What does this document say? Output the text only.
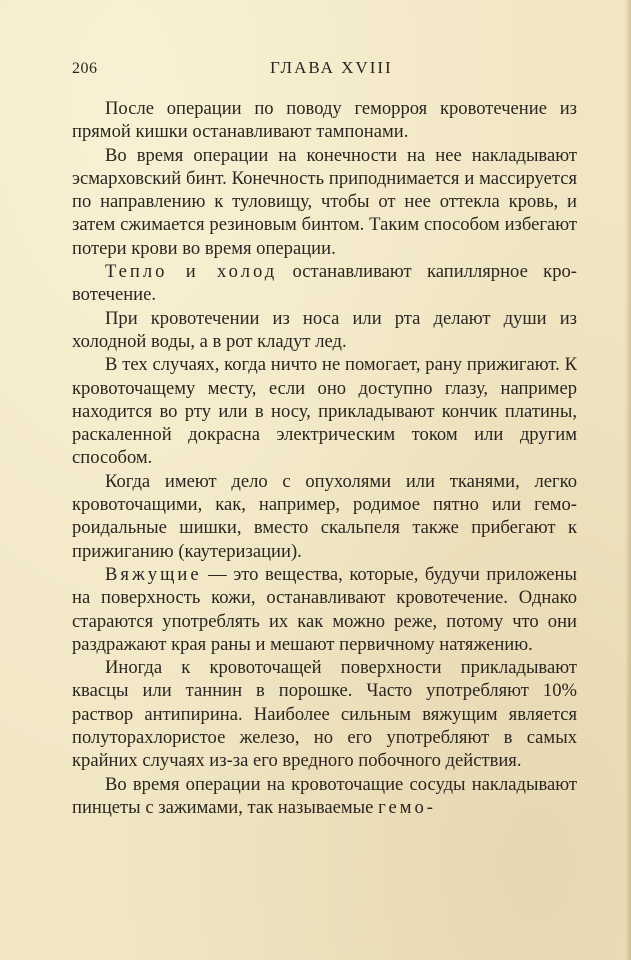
206	ГЛАВА XVIII

После операции по поводу геморроя кровотечение из прямой кишки останавливают тампонами.

Во время операции на конечности на нее накладывают эсмарховский бинт. Конечность приподнимается и массируется по направлению к туловищу, чтобы от нее оттекла кровь, и затем сжимается резиновым бинтом. Таким способом избегают потери крови во время операции.

Тепло и холод останавливают капиллярное кровотечение.

При кровотечении из носа или рта делают души из холодной воды, а в рот кладут лед.

В тех случаях, когда ничто не помогает, рану прижигают. К кровоточащему месту, если оно доступно глазу, например находится во рту или в носу, прикладывают кончик платины, раскаленной докрасна электрическим током или другим способом.

Когда имеют дело с опухолями или тканями, легко кровоточащими, как, например, родимое пятно или гемороидальные шишки, вместо скальпеля также прибегают к прижиганию (каутеризации).

Вяжущие — это вещества, которые, будучи приложены на поверхность кожи, останавливают кровотечение. Однако стараются употреблять их как можно реже, потому что они раздражают края раны и мешают первичному натяжению.

Иногда к кровоточащей поверхности прикладывают квасцы или таннин в порошке. Часто употребляют 10% раствор антипирина. Наиболее сильным вяжущим является полуторахлористое железо, но его употребляют в самых крайних случаях из-за его вредного побочного действия.

Во время операции на кровоточащие сосуды накладывают пинцеты с зажимами, так называемые гемо-
